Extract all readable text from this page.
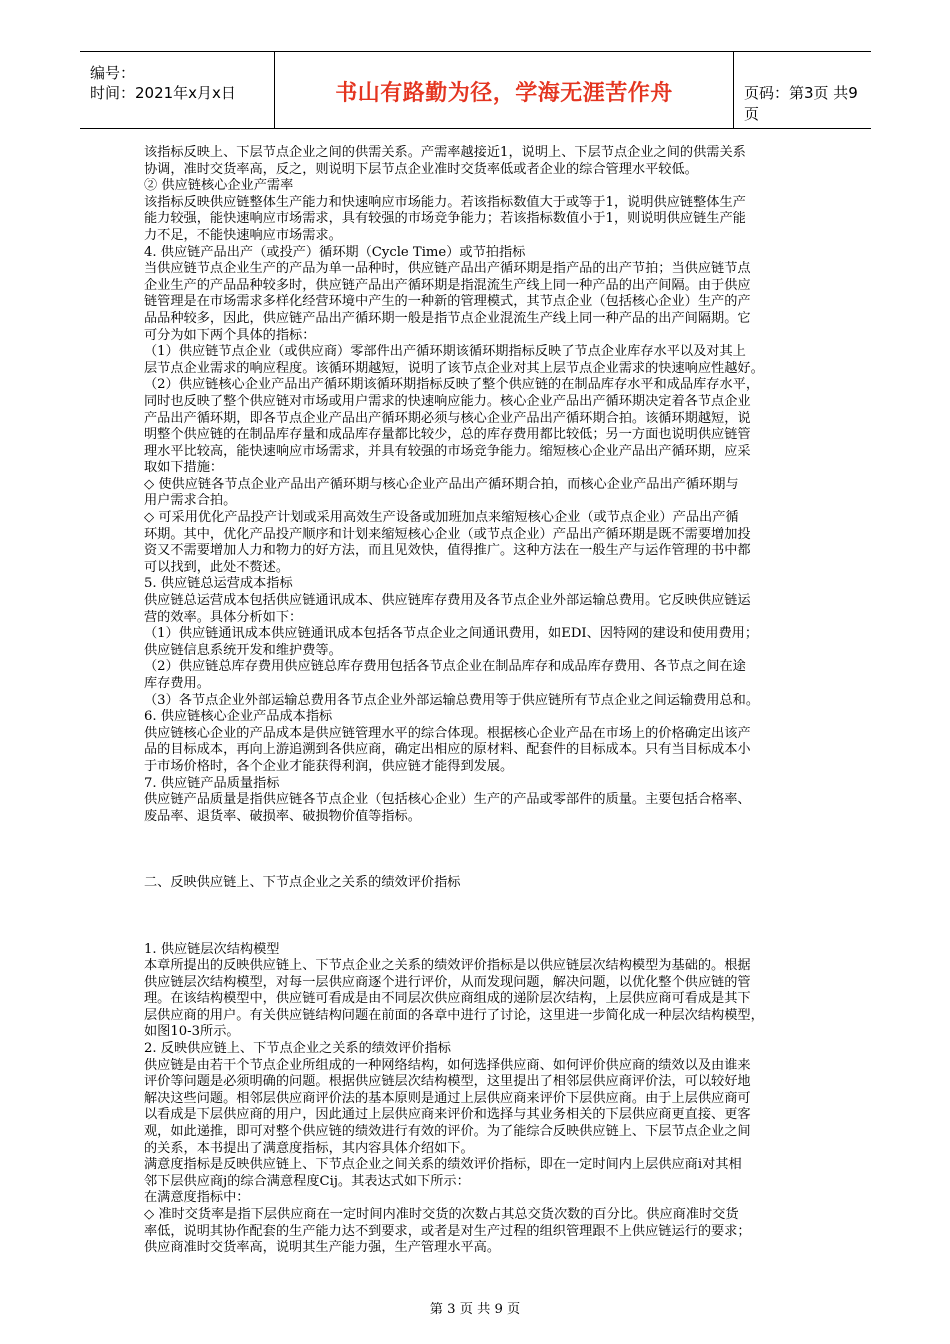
编号：
时间：2021年x月x日	书山有路勤为径，学海无涯苦作舟	页码：第3页 共9页
该指标反映上、下层节点企业之间的供需关系。产需率越接近1，说明上、下层节点企业之间的供需关系
协调，准时交货率高，反之，则说明下层节点企业准时交货率低或者企业的综合管理水平较低。
② 供应链核心企业产需率
该指标反映供应链整体生产能力和快速响应市场能力。若该指标数值大于或等于1，说明供应链整体生产
能力较强，能快速响应市场需求，具有较强的市场竞争能力；若该指标数值小于1，则说明供应链生产能
力不足，不能快速响应市场需求。
4. 供应链产品出产（或投产）循环期（Cycle Time）或节拍指标
当供应链节点企业生产的产品为单一品种时，供应链产品出产循环期是指产品的出产节拍；当供应链节点
企业生产的产品品种较多时，供应链产品出产循环期是指混流生产线上同一种产品的出产间隔。由于供应
链管理是在市场需求多样化经营环境中产生的一种新的管理模式，其节点企业（包括核心企业）生产的产
品品种较多，因此，供应链产品出产循环期一般是指节点企业混流生产线上同一种产品的出产间隔期。它
可分为如下两个具体的指标：
（1）供应链节点企业（或供应商）零部件出产循环期该循环期指标反映了节点企业库存水平以及对其上
层节点企业需求的响应程度。该循环期越短，说明了该节点企业对其上层节点企业需求的快速响应性越好。
（2）供应链核心企业产品出产循环期该循环期指标反映了整个供应链的在制品库存水平和成品库存水平，
同时也反映了整个供应链对市场或用户需求的快速响应能力。核心企业产品出产循环期决定着各节点企业
产品出产循环期，即各节点企业产品出产循环期必须与核心企业产品出产循环期合拍。该循环期越短，说
明整个供应链的在制品库存量和成品库存量都比较少，总的库存费用都比较低；另一方面也说明供应链管
理水平比较高，能快速响应市场需求，并具有较强的市场竞争能力。缩短核心企业产品出产循环期，应采
取如下措施：
◇ 使供应链各节点企业产品出产循环期与核心企业产品出产循环期合拍，而核心企业产品出产循环期与
用户需求合拍。
◇ 可采用优化产品投产计划或采用高效生产设备或加班加点来缩短核心企业（或节点企业）产品出产循
环期。其中，优化产品投产顺序和计划来缩短核心企业（或节点企业）产品出产循环期是既不需要增加投
资又不需要增加人力和物力的好方法，而且见效快，值得推广。这种方法在一般生产与运作管理的书中都
可以找到，此处不赘述。
5. 供应链总运营成本指标
供应链总运营成本包括供应链通讯成本、供应链库存费用及各节点企业外部运输总费用。它反映供应链运
营的效率。具体分析如下：
（1）供应链通讯成本供应链通讯成本包括各节点企业之间通讯费用，如EDI、因特网的建设和使用费用；
供应链信息系统开发和维护费等。
（2）供应链总库存费用供应链总库存费用包括各节点企业在制品库存和成品库存费用、各节点之间在途
库存费用。
（3）各节点企业外部运输总费用各节点企业外部运输总费用等于供应链所有节点企业之间运输费用总和。
6. 供应链核心企业产品成本指标
供应链核心企业的产品成本是供应链管理水平的综合体现。根据核心企业产品在市场上的价格确定出该产
品的目标成本，再向上游追溯到各供应商，确定出相应的原材料、配套件的目标成本。只有当目标成本小
于市场价格时，各个企业才能获得利润，供应链才能得到发展。
7. 供应链产品质量指标
供应链产品质量是指供应链各节点企业（包括核心企业）生产的产品或零部件的质量。主要包括合格率、
废品率、退货率、破损率、破损物价值等指标。
二、反映供应链上、下节点企业之关系的绩效评价指标
1. 供应链层次结构模型
本章所提出的反映供应链上、下节点企业之关系的绩效评价指标是以供应链层次结构模型为基础的。根据
供应链层次结构模型，对每一层供应商逐个进行评价，从而发现问题，解决问题，以优化整个供应链的管
理。在该结构模型中，供应链可看成是由不同层次供应商组成的递阶层次结构，上层供应商可看成是其下
层供应商的用户。有关供应链结构问题在前面的各章中进行了讨论，这里进一步简化成一种层次结构模型，
如图10-3所示。
2. 反映供应链上、下节点企业之关系的绩效评价指标
供应链是由若干个节点企业所组成的一种网络结构，如何选择供应商、如何评价供应商的绩效以及由谁来
评价等问题是必须明确的问题。根据供应链层次结构模型，这里提出了相邻层供应商评价法，可以较好地
解决这些问题。相邻层供应商评价法的基本原则是通过上层供应商来评价下层供应商。由于上层供应商可
以看成是下层供应商的用户，因此通过上层供应商来评价和选择与其业务相关的下层供应商更直接、更客
观，如此递推，即可对整个供应链的绩效进行有效的评价。为了能综合反映供应链上、下层节点企业之间
的关系，本书提出了满意度指标，其内容具体介绍如下。
满意度指标是反映供应链上、下节点企业之间关系的绩效评价指标，即在一定时间内上层供应商i对其相
邻下层供应商j的综合满意程度Cij。其表达式如下所示：
在满意度指标中：
◇ 准时交货率是指下层供应商在一定时间内准时交货的次数占其总交货次数的百分比。供应商准时交货
率低，说明其协作配套的生产能力达不到要求，或者是对生产过程的组织管理跟不上供应链运行的要求；
供应商准时交货率高，说明其生产能力强，生产管理水平高。
第 3 页 共 9 页
